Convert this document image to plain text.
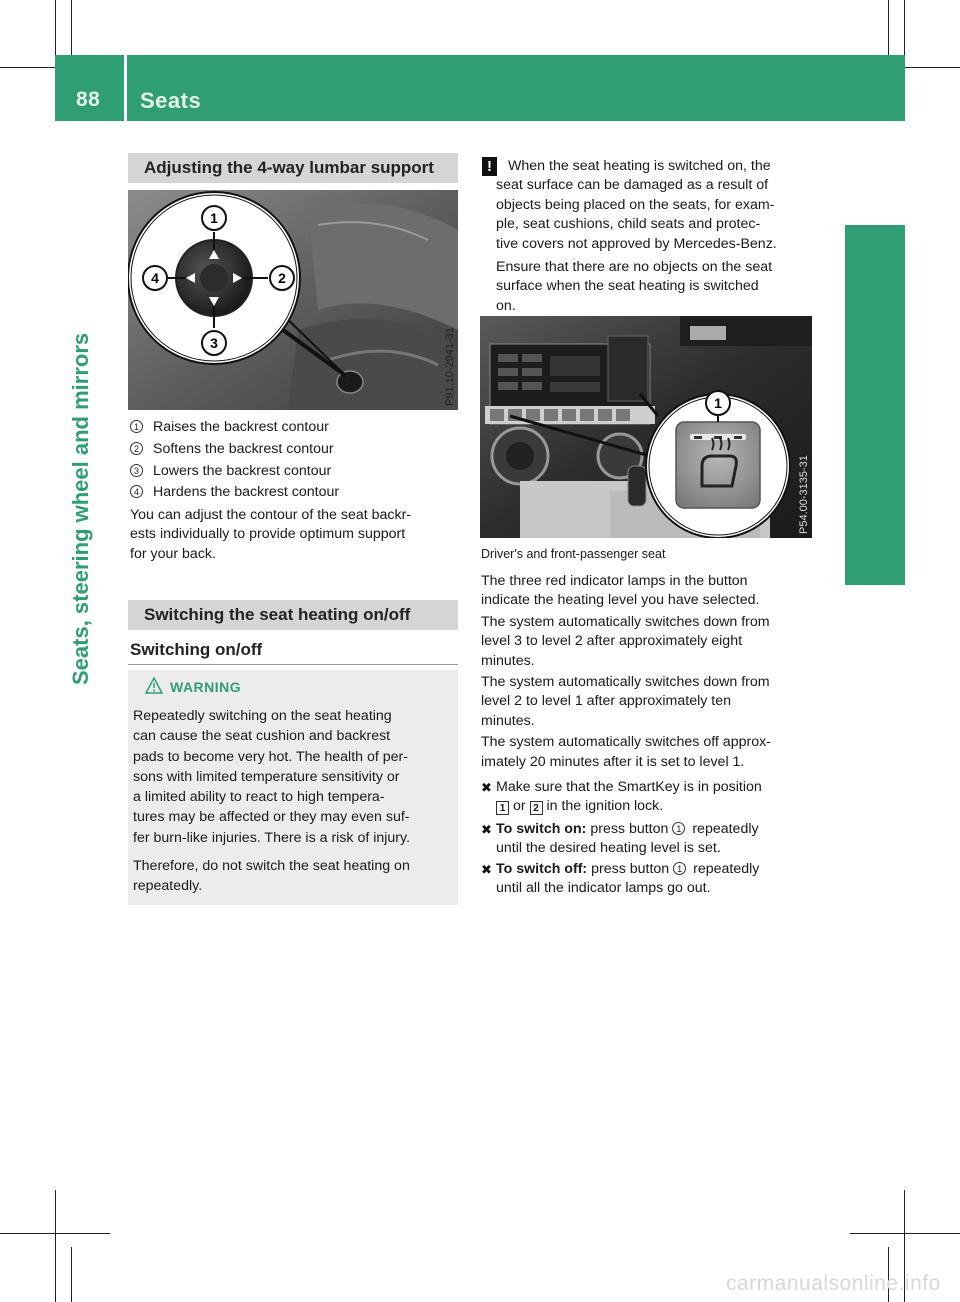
88 Seats
Seats, steering wheel and mirrors
Adjusting the 4-way lumbar support
1
2
3
4
P91.10-2941-31
1 Raises the backrest contour
2 Softens the backrest contour
3 Lowers the backrest contour
4 Hardens the backrest contour
You can adjust the contour of the seat backr-
ests individually to provide optimum support
for your back.
Switching the seat heating on/off
Switching on/off
WARNING
Repeatedly switching on the seat heating
can cause the seat cushion and backrest
pads to become very hot. The health of per-
sons with limited temperature sensitivity or
a limited ability to react to high tempera-
tures may be affected or they may even suf-
fer burn-like injuries. There is a risk of injury.
Therefore, do not switch the seat heating on
repeatedly.
!	When the seat heating is switched on, the
seat surface can be damaged as a result of
objects being placed on the seats, for exam-
ple, seat cushions, child seats and protec-
tive covers not approved by Mercedes-Benz.
Ensure that there are no objects on the seat
surface when the seat heating is switched
on.
1
P54.00-3135-31
Driver's and front-passenger seat
The three red indicator lamps in the button
indicate the heating level you have selected.
The system automatically switches down from
level 3 to level 2 after approximately eight
minutes.
The system automatically switches down from
level 2 to level 1 after approximately ten
minutes.
The system automatically switches off approx-
imately 20 minutes after it is set to level 1.
✖ Make sure that the SmartKey is in position
1 or 2 in the ignition lock.
✖ To switch on: press button 1 repeatedly
until the desired heating level is set.
✖ To switch off: press button 1 repeatedly
until all the indicator lamps go out.
carmanualsonline.info
